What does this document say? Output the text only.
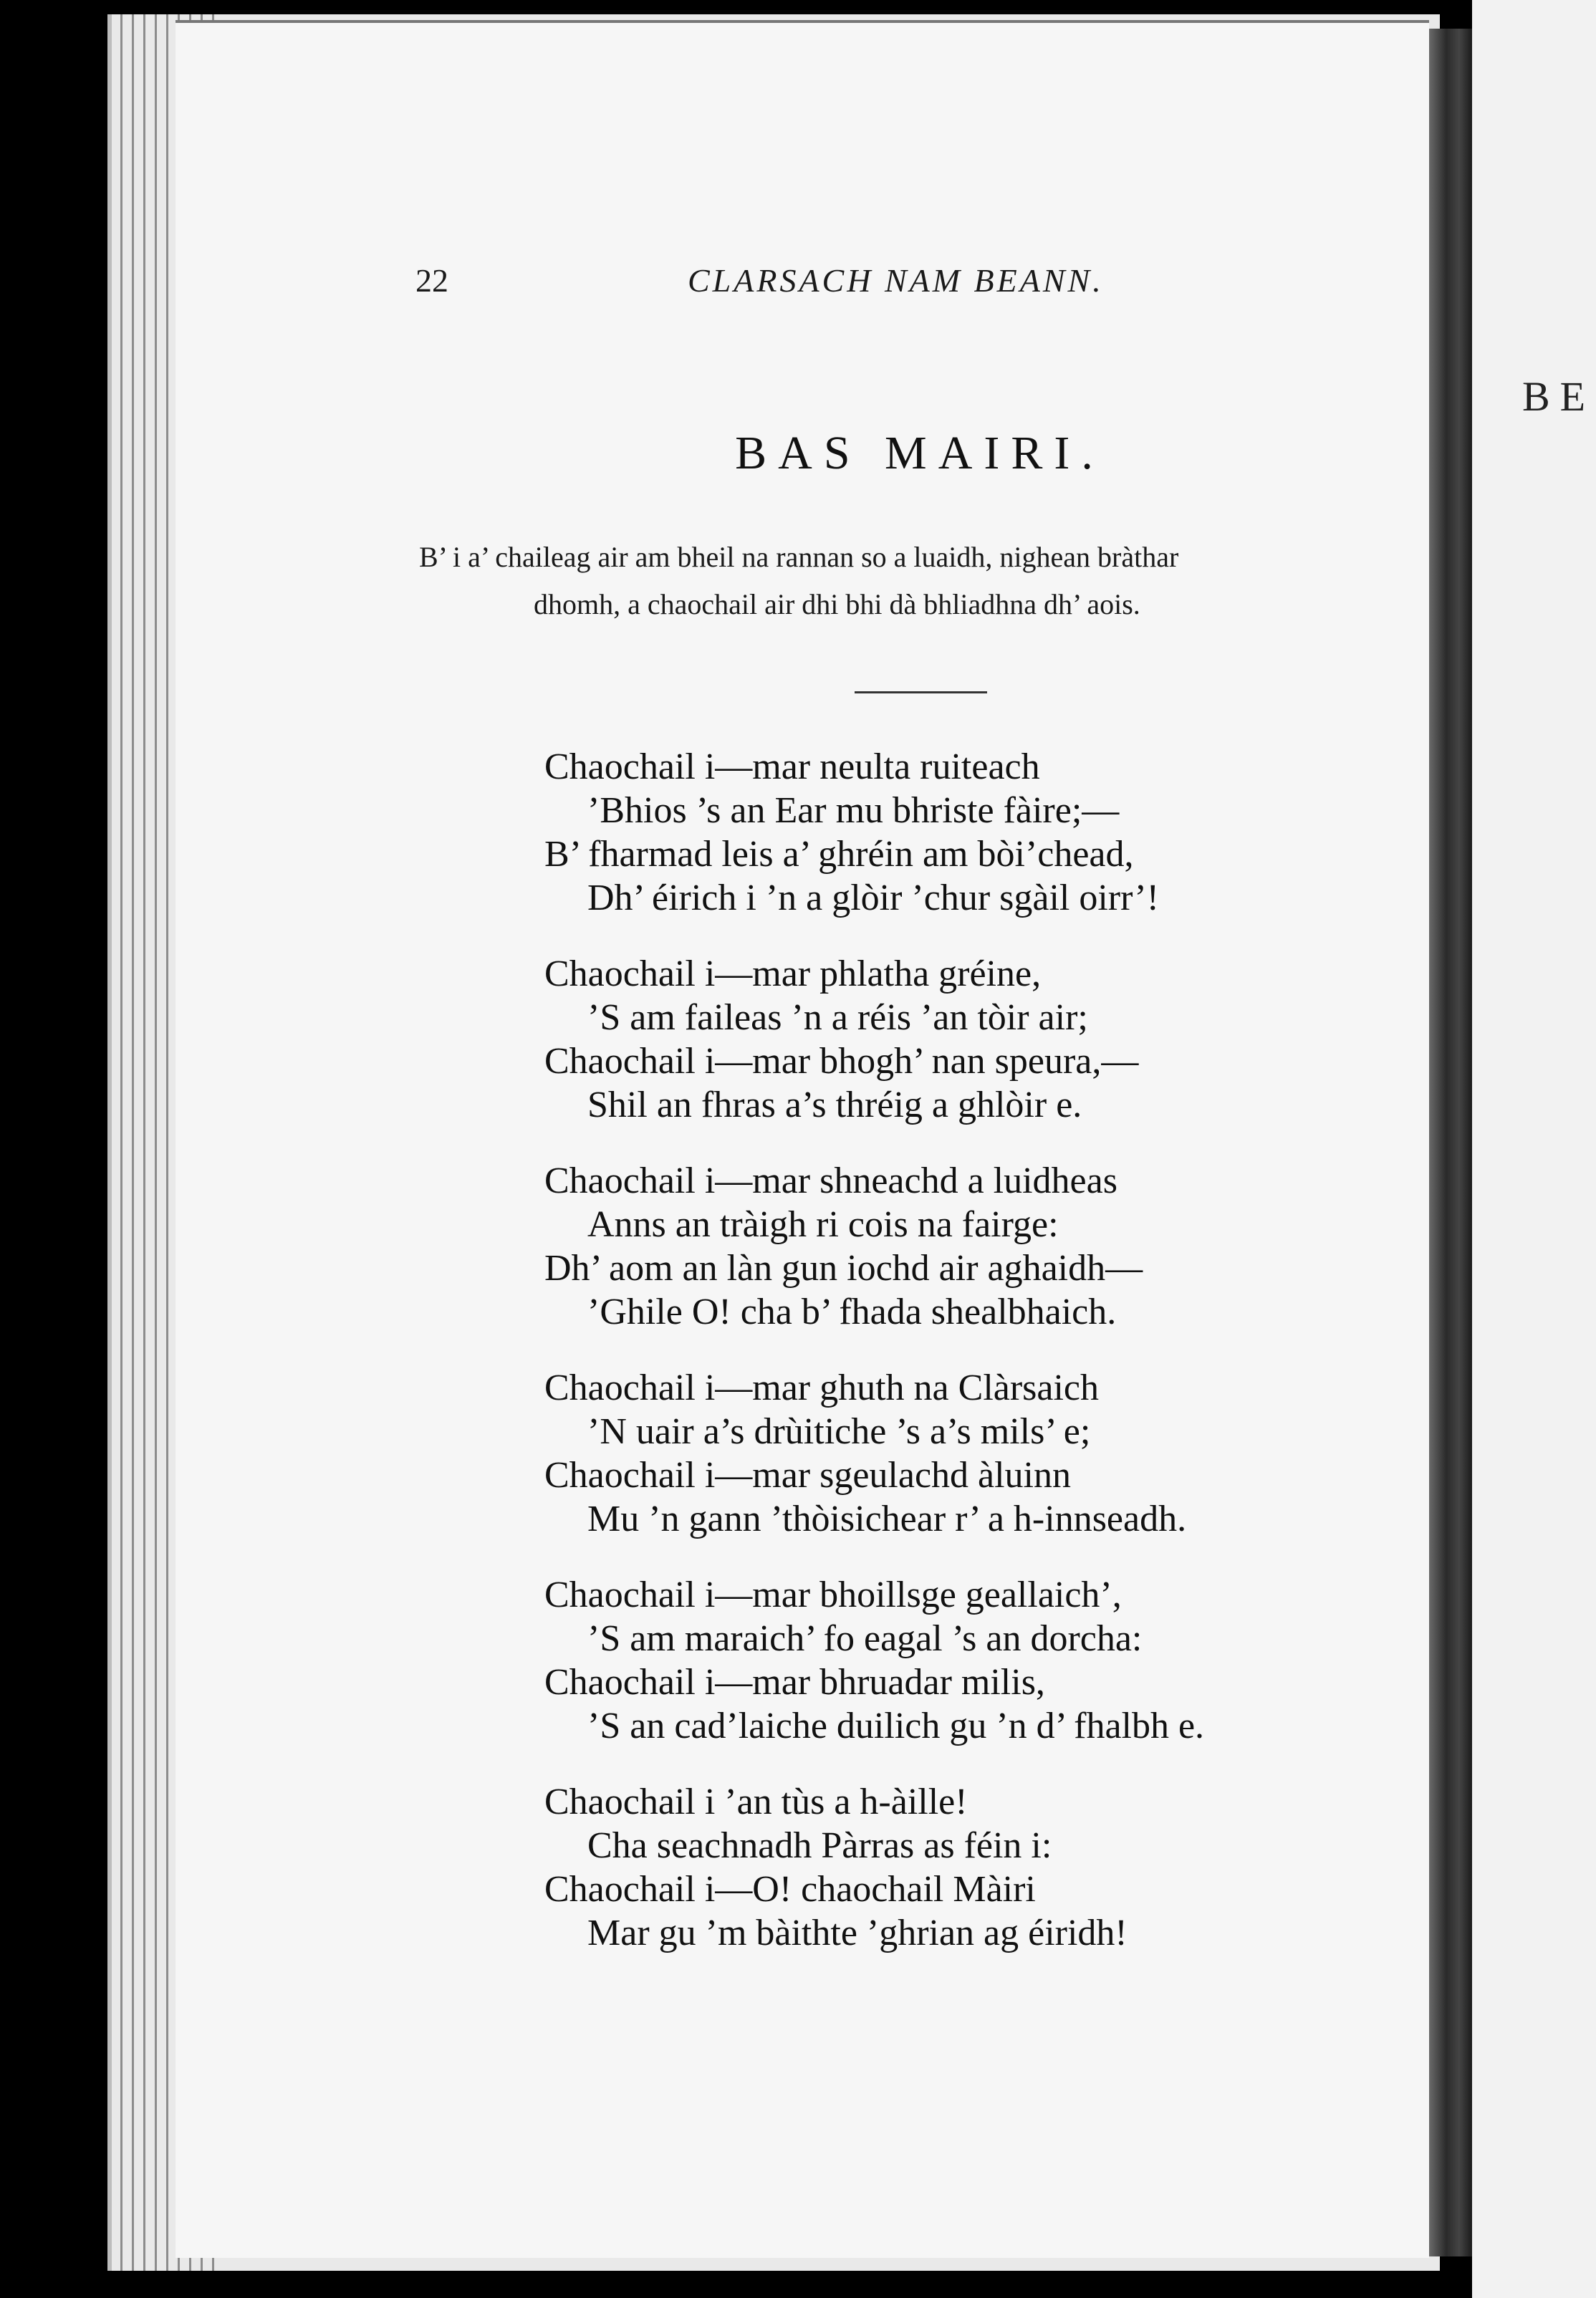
BE
22	CLARSACH NAM BEANN.
BAS MAIRI.
B’ i a’ chaileag air am bheil na rannan so a luaidh, nighean bràthar
dhomh, a chaochail air dhi bhi dà bhliadhna dh’ aois.
Chaochail i—mar neulta ruiteach
’Bhios ’s an Ear mu bhriste fàire;—
B’ fharmad leis a’ ghréin am bòi’chead,
Dh’ éirich i ’n a glòir ’chur sgàil oirr’!
Chaochail i—mar phlatha gréine,
’S am faileas ’n a réis ’an tòir air;
Chaochail i—mar bhogh’ nan speura,—
Shil an fhras a’s thréig a ghlòir e.
Chaochail i—mar shneachd a luidheas
Anns an tràigh ri cois na fairge:
Dh’ aom an làn gun iochd air aghaidh—
’Ghile O! cha b’ fhada shealbhaich.
Chaochail i—mar ghuth na Clàrsaich
’N uair a’s drùitiche ’s a’s mils’ e;
Chaochail i—mar sgeulachd àluinn
Mu ’n gann ’thòisichear r’ a h-innseadh.
Chaochail i—mar bhoillsge geallaich’,
’S am maraich’ fo eagal ’s an dorcha:
Chaochail i—mar bhruadar milis,
’S an cad’laiche duilich gu ’n d’ fhalbh e.
Chaochail i ’an tùs a h-àille!
Cha seachnadh Pàrras as féin i:
Chaochail i—O! chaochail Màiri
Mar gu ’m bàithte ’ghrian ag éiridh!
